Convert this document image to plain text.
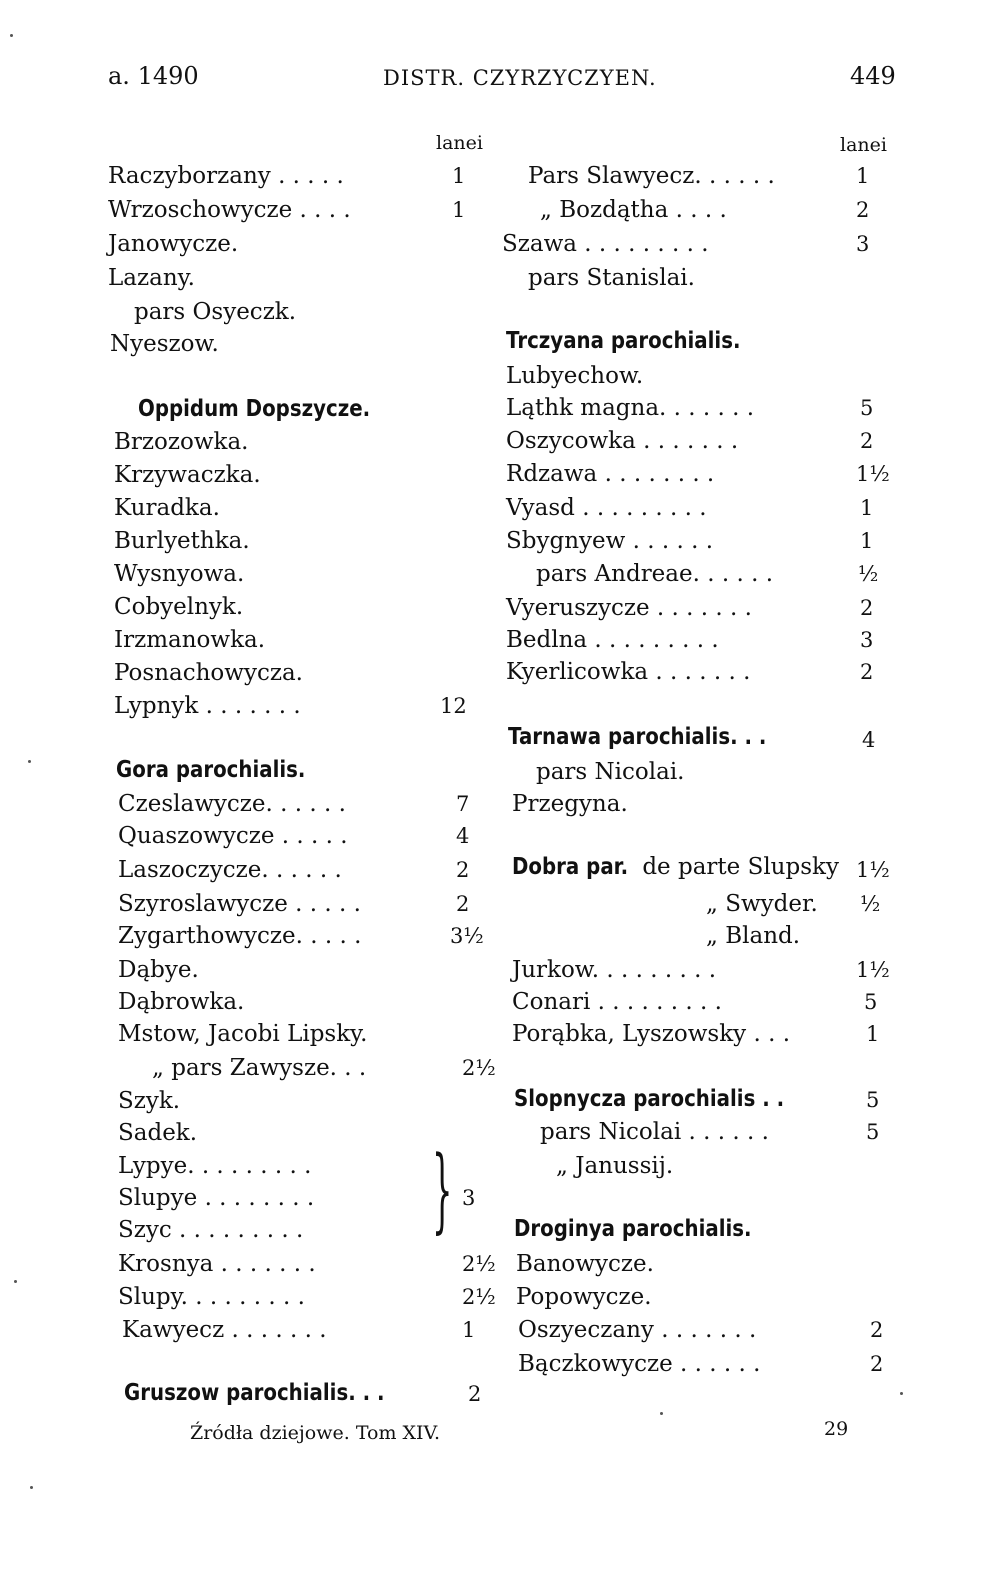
a. 1490	DISTR. CZYRZYCZYEN.	449
lanei	lanei
Raczyborzany . . . . .	1
Wrzoschowycze . . . .	1
Janowycze.
Lazany.
pars Osyeczk.
Nyeszow.
Oppidum Dopszycze.
Brzozowka.
Krzywaczka.
Kuradka.
Burlyethka.
Wysnyowa.
Cobyelnyk.
Irzmanowka.
Posnachowycza.
Lypnyk . . . . . . .	12
Gora parochialis.
Czeslawycze. . . . . .	7
Quaszowycze . . . . .	4
Laszoczycze. . . . . .	2
Szyroslawycze . . . . .	2
Zygarthowycze. . . . .	3½
Dąbye.
Dąbrowka.
Mstow, Jacobi Lipsky.
„ pars Zawysze. . .	2½
Szyk.
Sadek.
Lypye. . . . . . . . .
Slupye . . . . . . . .
Szyc . . . . . . . . . } 3
Krosnya . . . . . . .	2½
Slupy. . . . . . . . .	2½
Kawyecz . . . . . . .	1
Gruszow parochialis. . .	2
Pars Slawyecz. . . . . .	1
„ Bozdątha . . . .	2
Szawa . . . . . . . . .	3
pars Stanislai.
Trczyana parochialis.
Lubyechow.
Ląthk magna. . . . . . .	5
Oszycowka . . . . . . .	2
Rdzawa . . . . . . . .	1½
Vyasd . . . . . . . . .	1
Sbygnyew . . . . . .	1
pars Andreae. . . . . .	½
Vyeruszycze . . . . . . .	2
Bedlna . . . . . . . . .	3
Kyerlicowka . . . . . . .	2
Tarnawa parochialis. . .	4
pars Nicolai.
Przegyna.
Dobra par. de parte Slupsky 1½
„ Swyder. ½
„ Bland.
Jurkow. . . . . . . . .	1½
Conari . . . . . . . . .	5
Porąbka, Lyszowsky . . .	1
Slopnycza parochialis . .	5
pars Nicolai . . . . . .	5
„ Janussij.
Droginya parochialis.
Banowycze.
Popowycze.
Oszyeczany . . . . . . .	2
Bączkowycze . . . . . .	2
Źródła dziejowe. Tom XIV.	29
